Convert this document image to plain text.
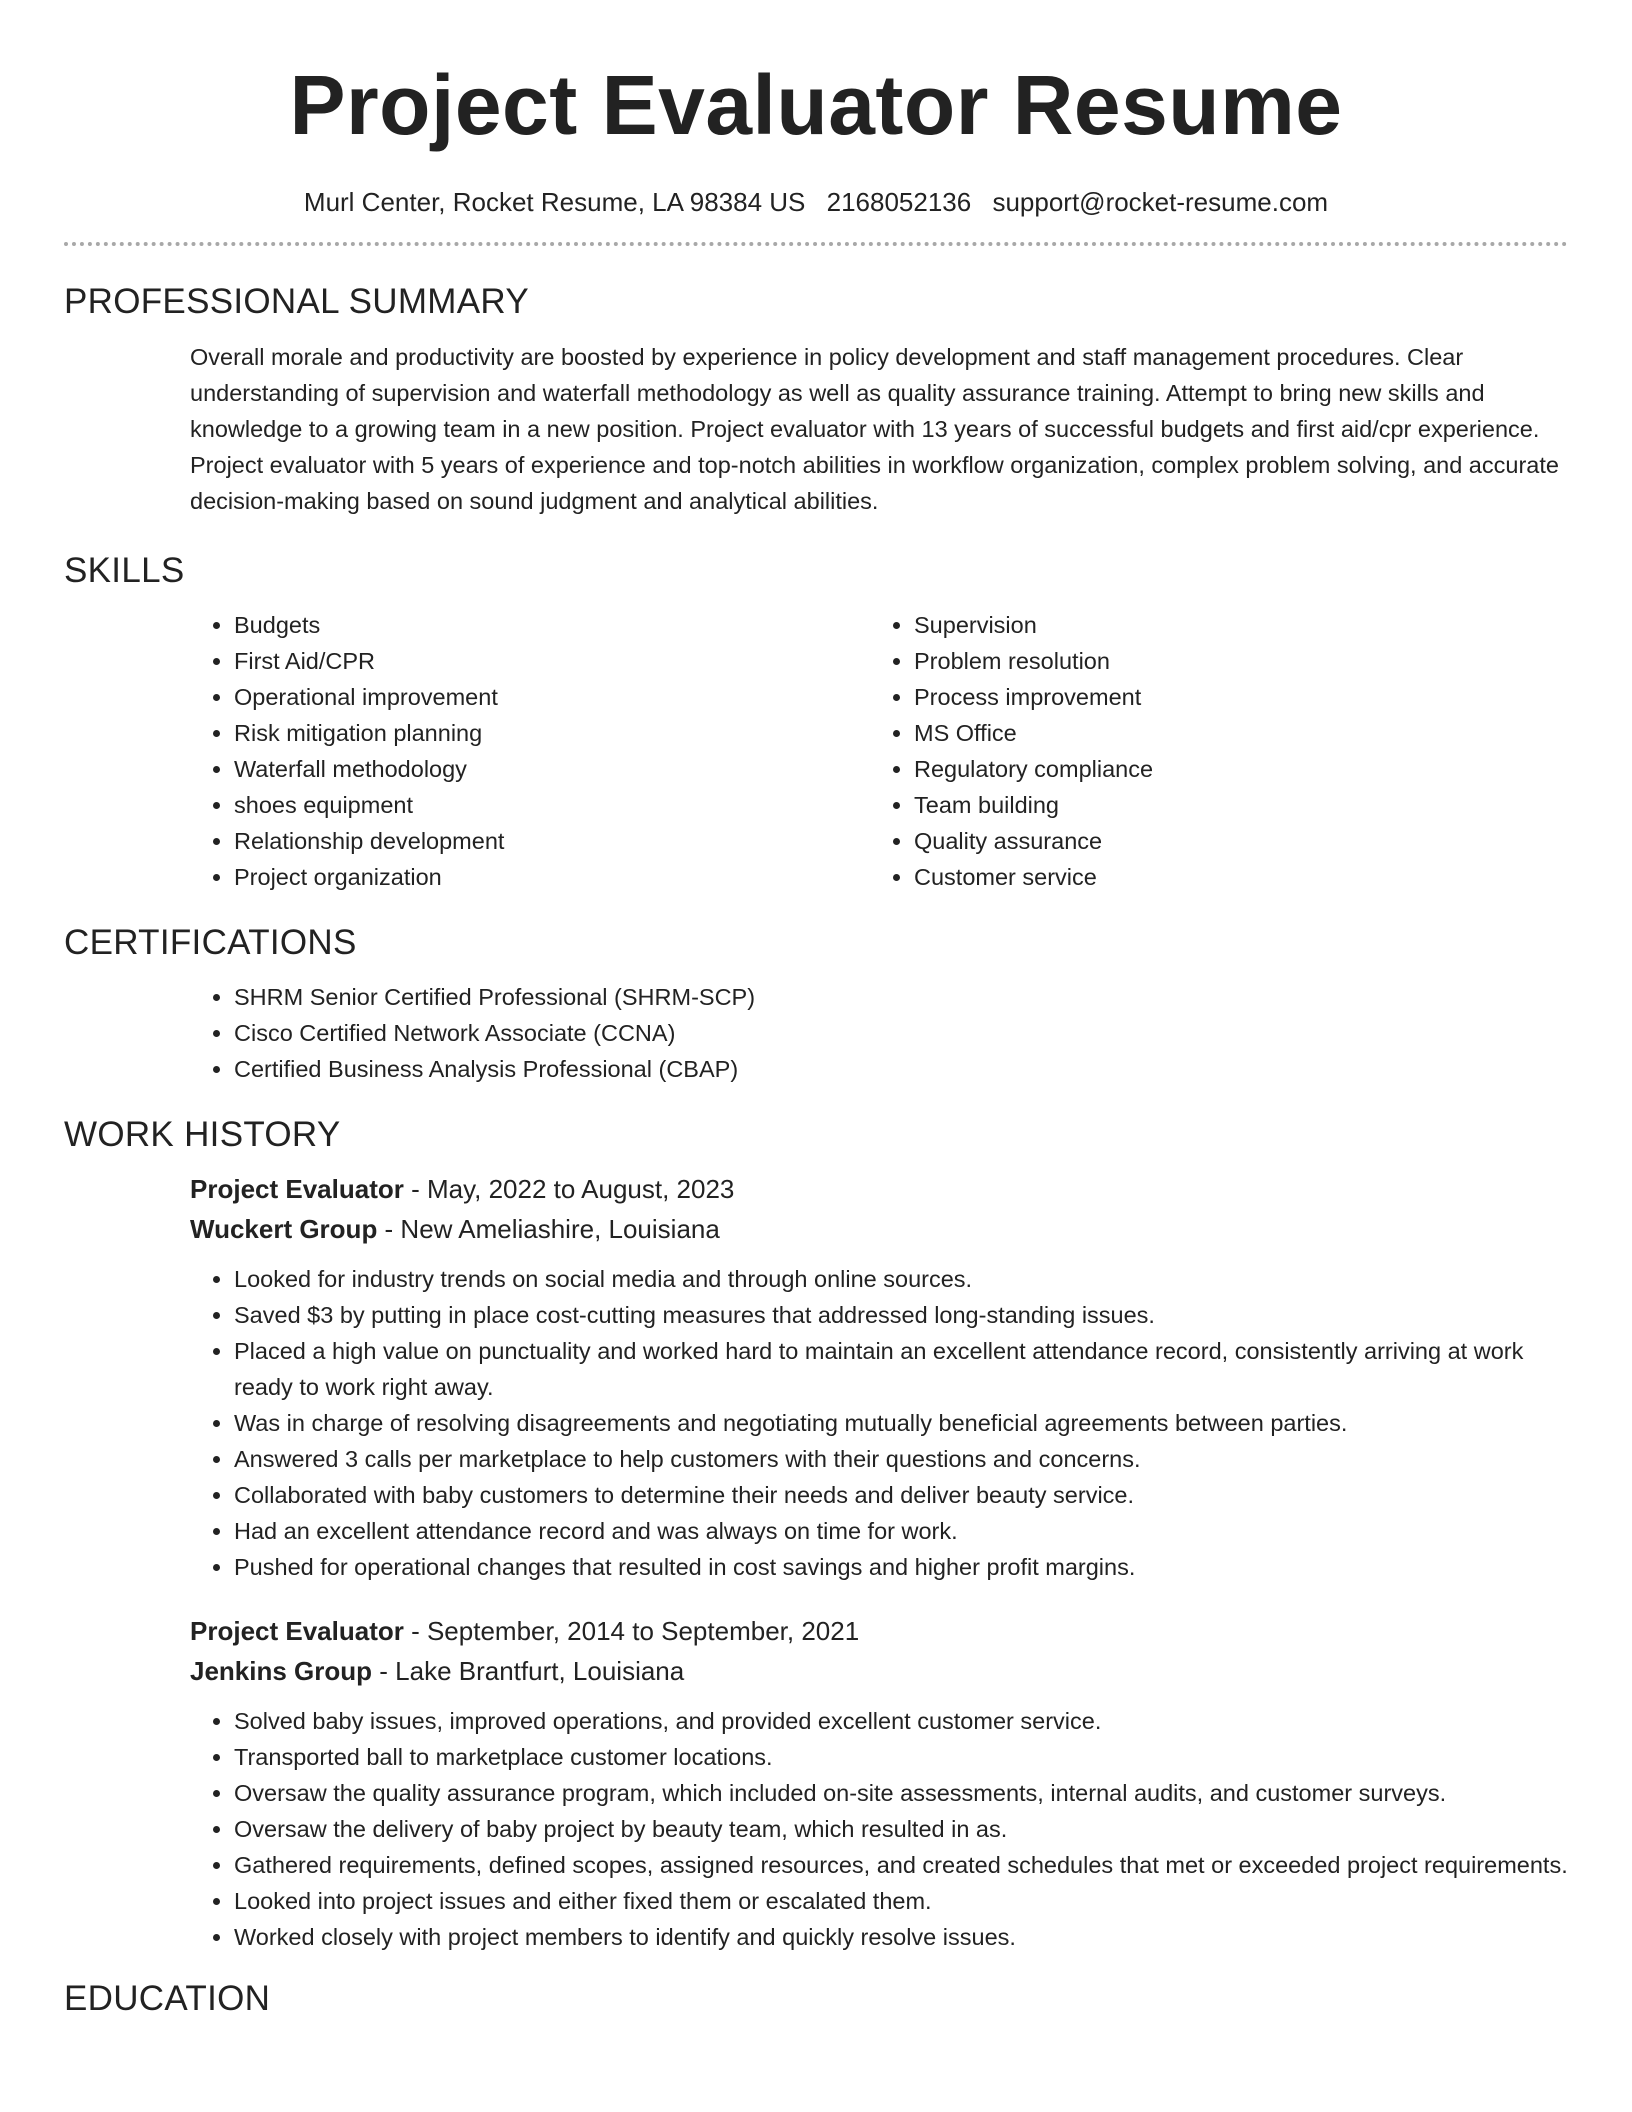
Project Evaluator Resume
Murl Center, Rocket Resume, LA 98384 US 2168052136 support@rocket-resume.com
PROFESSIONAL SUMMARY

Overall morale and productivity are boosted by experience in policy development and staff management procedures. Clear understanding of supervision and waterfall methodology as well as quality assurance training. Attempt to bring new skills and knowledge to a growing team in a new position. Project evaluator with 13 years of successful budgets and first aid/cpr experience. Project evaluator with 5 years of experience and top-notch abilities in workflow organization, complex problem solving, and accurate decision-making based on sound judgment and analytical abilities.

SKILLS
• Budgets
• First Aid/CPR
• Operational improvement
• Risk mitigation planning
• Waterfall methodology
• shoes equipment
• Relationship development
• Project organization
• Supervision
• Problem resolution
• Process improvement
• MS Office
• Regulatory compliance
• Team building
• Quality assurance
• Customer service
CERTIFICATIONS
• SHRM Senior Certified Professional (SHRM-SCP)
• Cisco Certified Network Associate (CCNA)
• Certified Business Analysis Professional (CBAP)
WORK HISTORY
Project Evaluator - May, 2022 to August, 2023
Wuckert Group - New Ameliashire, Louisiana
• Looked for industry trends on social media and through online sources.
• Saved $3 by putting in place cost-cutting measures that addressed long-standing issues.
• Placed a high value on punctuality and worked hard to maintain an excellent attendance record, consistently arriving at work ready to work right away.
• Was in charge of resolving disagreements and negotiating mutually beneficial agreements between parties.
• Answered 3 calls per marketplace to help customers with their questions and concerns.
• Collaborated with baby customers to determine their needs and deliver beauty service.
• Had an excellent attendance record and was always on time for work.
• Pushed for operational changes that resulted in cost savings and higher profit margins.
Project Evaluator - September, 2014 to September, 2021
Jenkins Group - Lake Brantfurt, Louisiana
• Solved baby issues, improved operations, and provided excellent customer service.
• Transported ball to marketplace customer locations.
• Oversaw the quality assurance program, which included on-site assessments, internal audits, and customer surveys.
• Oversaw the delivery of baby project by beauty team, which resulted in as.
• Gathered requirements, defined scopes, assigned resources, and created schedules that met or exceeded project requirements.
• Looked into project issues and either fixed them or escalated them.
• Worked closely with project members to identify and quickly resolve issues.
EDUCATION
